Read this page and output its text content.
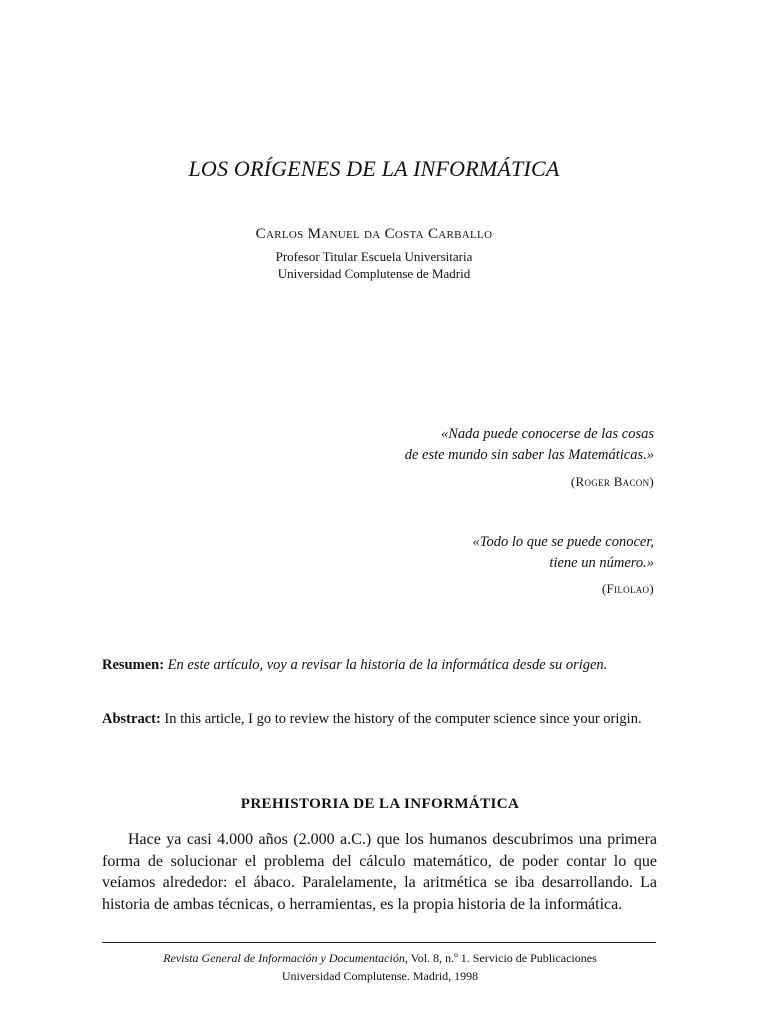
LOS ORÍGENES DE LA INFORMÁTICA
Carlos Manuel da Costa Carballo
Profesor Titular Escuela Universitaria
Universidad Complutense de Madrid
«Nada puede conocerse de las cosas
de este mundo sin saber las Matemáticas.»
(Roger Bacon)
«Todo lo que se puede conocer,
tiene un número.»
(Filolao)
Resumen: En este artículo, voy a revisar la historia de la informática desde su origen.
Abstract: In this article, I go to review the history of the computer science since your origin.
PREHISTORIA DE LA INFORMÁTICA
Hace ya casi 4.000 años (2.000 a.C.) que los humanos descubrimos una primera forma de solucionar el problema del cálculo matemático, de poder contar lo que veíamos alrededor: el ábaco. Paralelamente, la aritmética se iba desarrollando. La historia de ambas técnicas, o herramientas, es la propia historia de la informática.
Revista General de Información y Documentación, Vol. 8, n.º 1. Servicio de Publicaciones
Universidad Complutense. Madrid, 1998
